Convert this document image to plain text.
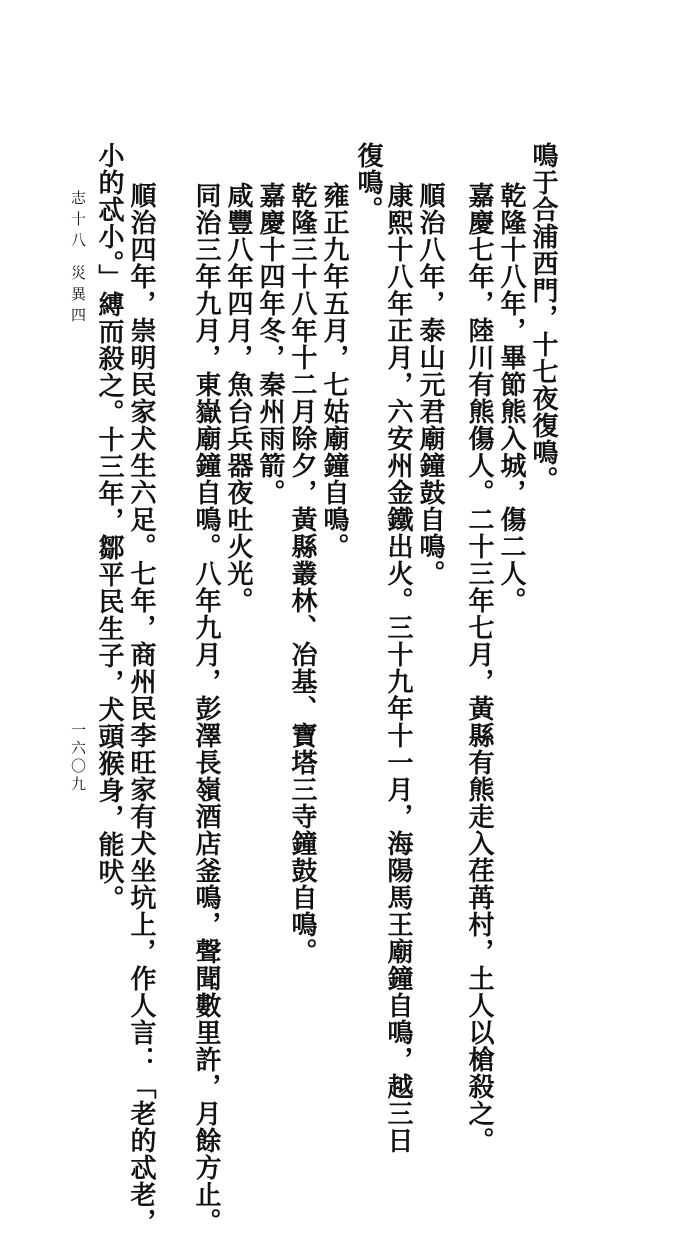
鳴于合浦西門，十七夜復鳴。
乾隆十八年，畢節熊入城，傷二人。
嘉慶七年，陸川有熊傷人。二十三年七月，黃縣有熊走入荏苒村，土人以槍殺之。
復鳴。 順治八年，泰山元君廟鐘鼓自鳴。
康熙十八年正月，六安州金鐵出火。三十九年十一月，海陽馬王廟鐘自鳴，越三日
雍正九年五月，七姑廟鐘自鳴。
乾隆三十八年十二月除夕，黃縣叢林、冶基、寶塔三寺鐘鼓自鳴。
嘉慶十四年冬，秦州雨箭。
咸豐八年四月，魚台兵器夜吐火光。
同治三年九月，東嶽廟鐘自鳴。八年九月，彭澤長嶺酒店釜鳴，聲聞數里許，月餘方止。
順治四年，崇明民家犬生六足。七年，商州民李旺家有犬坐坑上，作人言：「老的忒老，
小的忒小。」縛而殺之。十三年，鄒平民生子，犬頭猴身，能吠。
志十八
災異四
一六〇九
